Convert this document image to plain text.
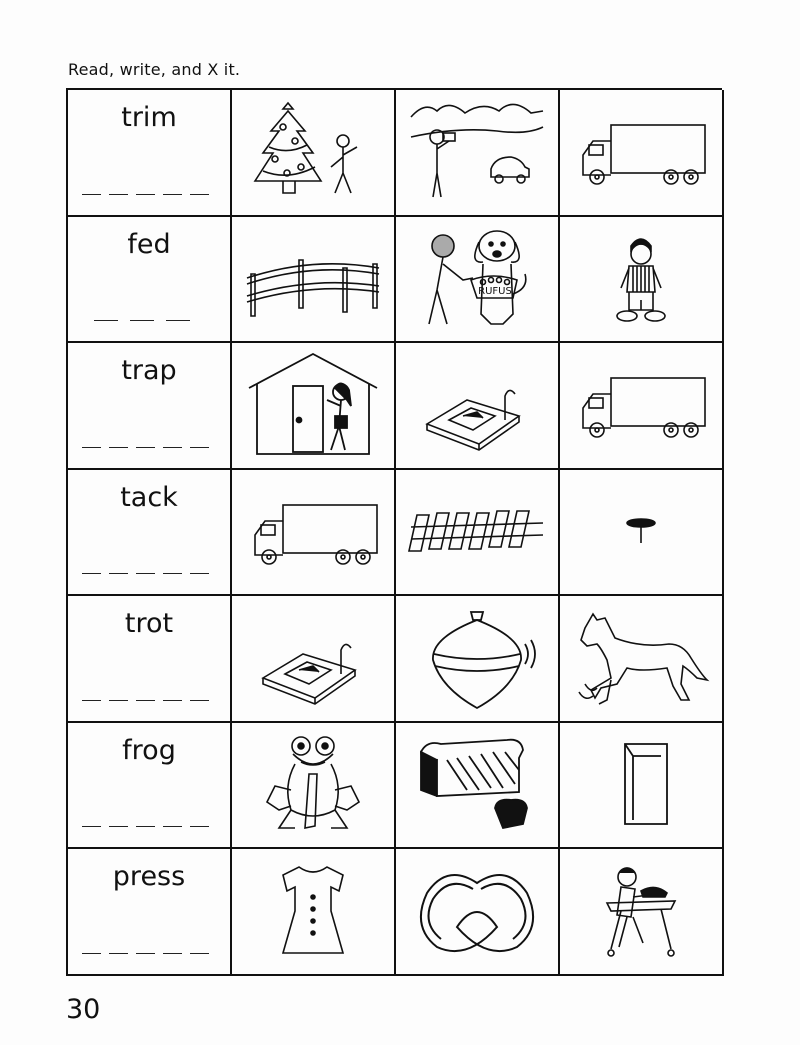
Read, write, and X it.
trim
fed
RUFUS
trap
tack
trot
frog
press
30
